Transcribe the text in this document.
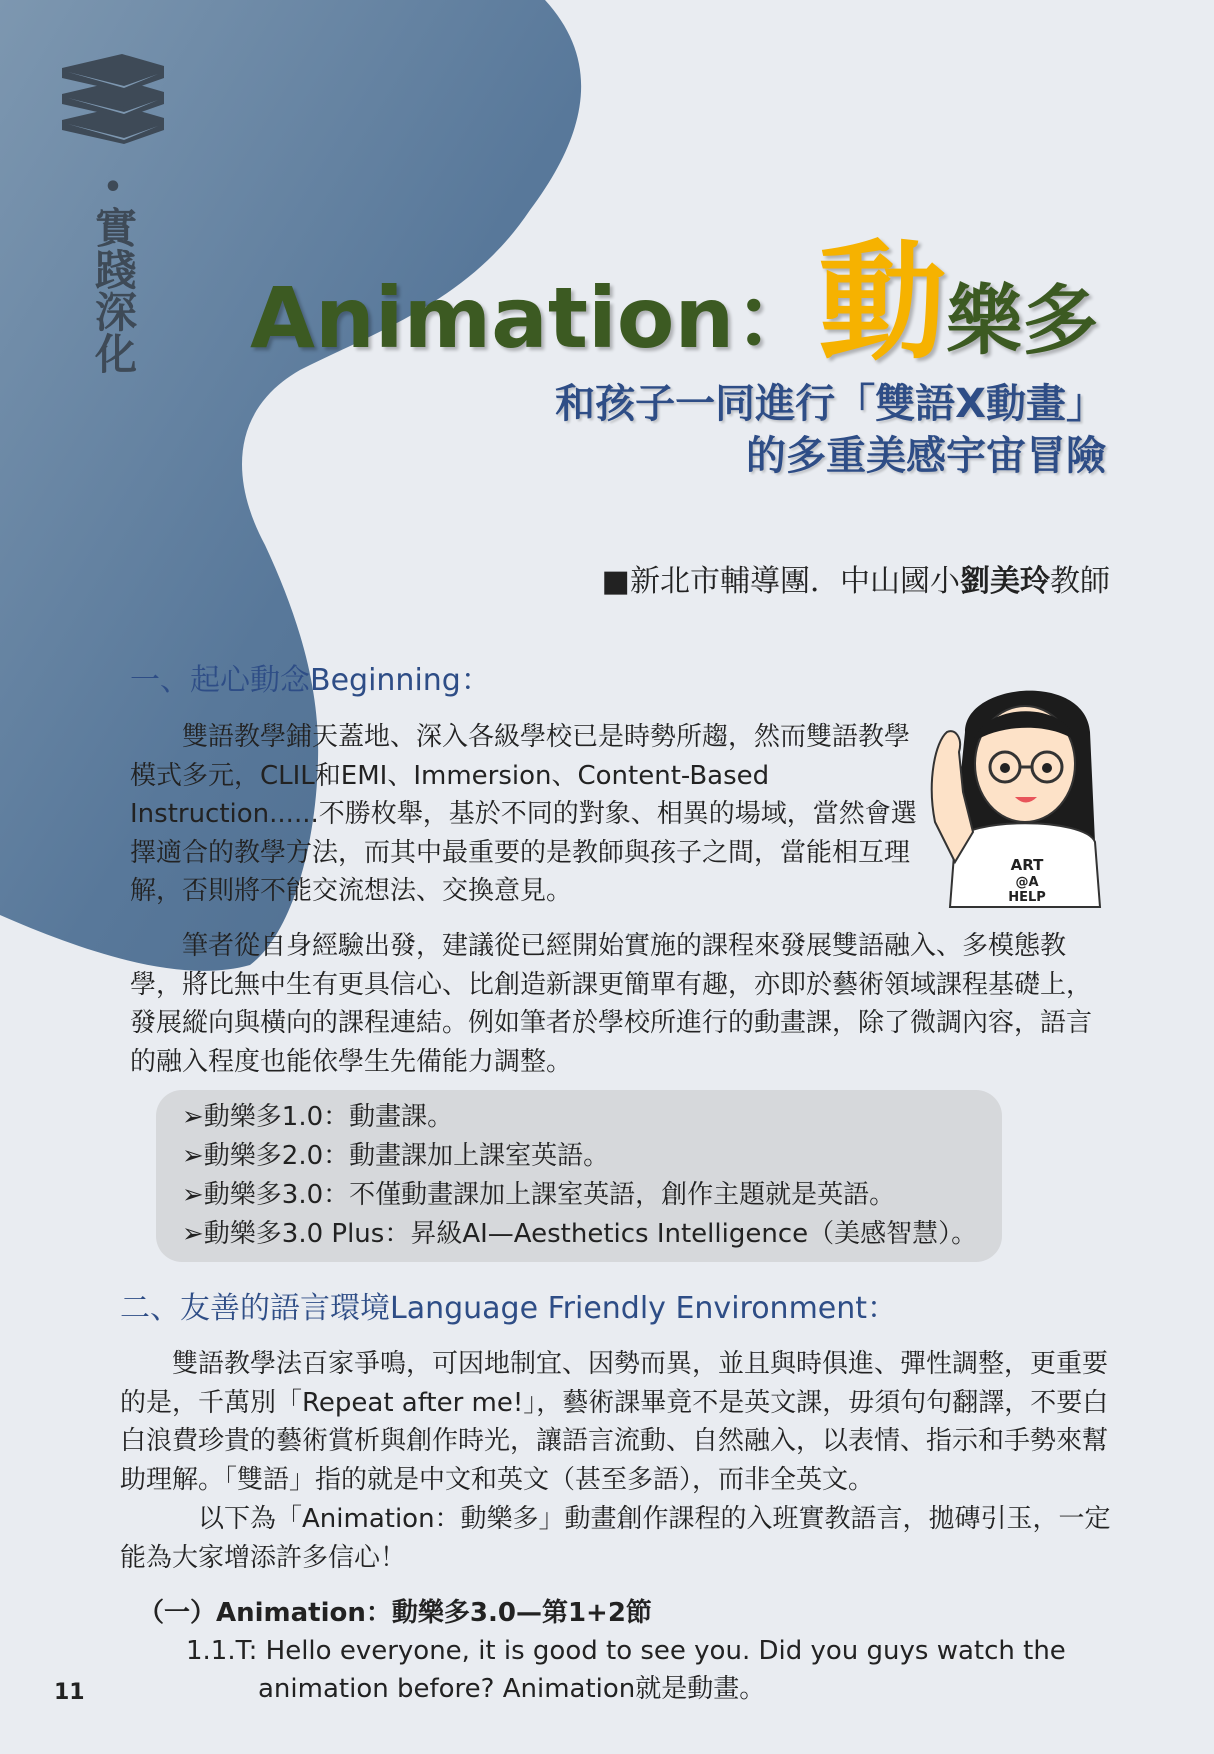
•
實踐深化 Animation：動樂多
和孩子一同進行「雙語X動畫」
的多重美感宇宙冒險
■新北市輔導團．中山國小劉美玲教師
一、起心動念Beginning：
　　雙語教學鋪天蓋地、深入各級學校已是時勢所趨，然而雙語教學模式多元，CLIL和EMI、Immersion、Content-Based Instruction......不勝枚舉，基於不同的對象、相異的場域，當然會選擇適合的教學方法，而其中最重要的是教師與孩子之間，當能相互理解，否則將不能交流想法、交換意見。
ART
@A
HELP
　　筆者從自身經驗出發，建議從已經開始實施的課程來發展雙語融入、多模態教學，將比無中生有更具信心、比創造新課更簡單有趣，亦即於藝術領域課程基礎上，發展縱向與橫向的課程連結。例如筆者於學校所進行的動畫課，除了微調內容，語言的融入程度也能依學生先備能力調整。
➢動樂多1.0：動畫課。
➢動樂多2.0：動畫課加上課室英語。
➢動樂多3.0：不僅動畫課加上課室英語，創作主題就是英語。
➢動樂多3.0 Plus：昇級AI—Aesthetics Intelligence（美感智慧）。
二、友善的語言環境Language Friendly Environment：
　　雙語教學法百家爭鳴，可因地制宜、因勢而異，並且與時俱進、彈性調整，更重要的是，千萬別「Repeat after me!」，藝術課畢竟不是英文課，毋須句句翻譯，不要白白浪費珍貴的藝術賞析與創作時光，讓語言流動、自然融入，以表情、指示和手勢來幫助理解。「雙語」指的就是中文和英文（甚至多語），而非全英文。
　　　以下為「Animation：動樂多」動畫創作課程的入班實教語言，拋磚引玉，一定能為大家增添許多信心！
（一）Animation：動樂多3.0—第1+2節
1.1.T: Hello everyone, it is good to see you. Did you guys watch the
animation before? Animation就是動畫。
11
